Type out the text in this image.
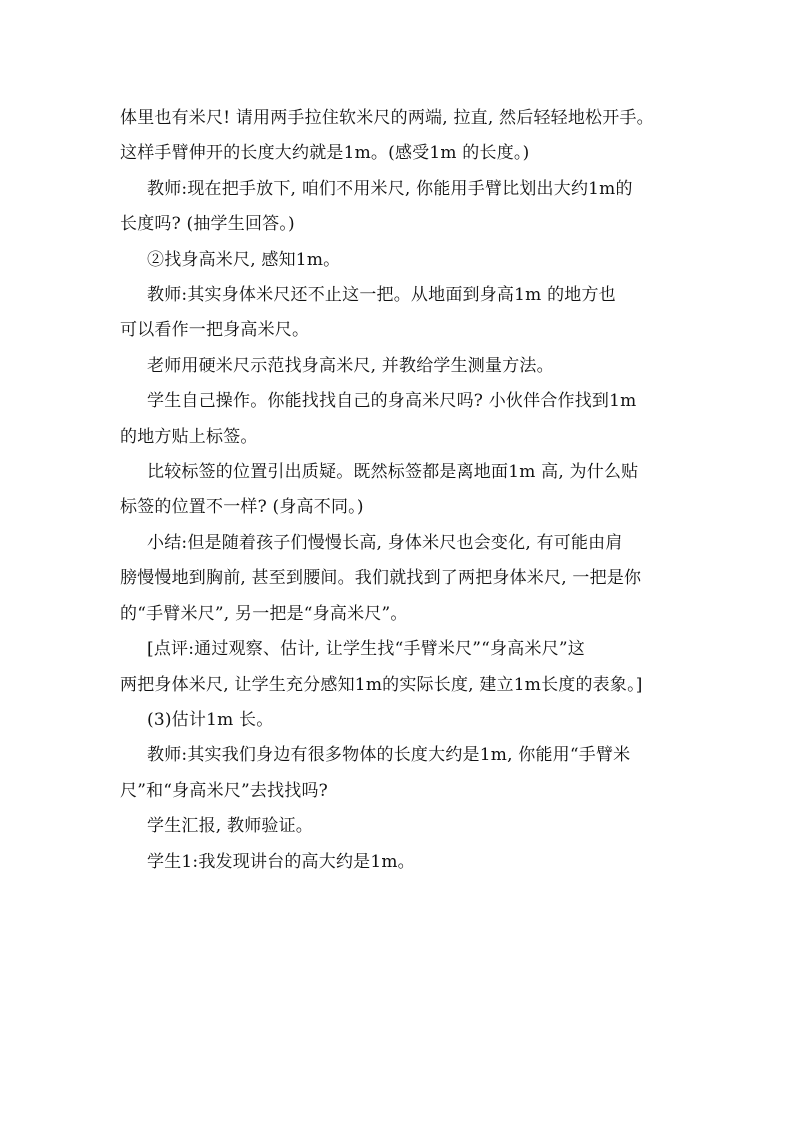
体里也有米尺! 请用两手拉住软米尺的两端, 拉直, 然后轻轻地松开手。
这样手臂伸开的长度大约就是1m。(感受1m 的长度。)
教师:现在把手放下, 咱们不用米尺, 你能用手臂比划出大约1m的
长度吗? (抽学生回答。)
②找身高米尺, 感知1m。
教师:其实身体米尺还不止这一把。从地面到身高1m 的地方也
可以看作一把身高米尺。
老师用硬米尺示范找身高米尺, 并教给学生测量方法。
学生自己操作。你能找找自己的身高米尺吗? 小伙伴合作找到1m
的地方贴上标签。
比较标签的位置引出质疑。既然标签都是离地面1m 高, 为什么贴
标签的位置不一样? (身高不同。)
小结:但是随着孩子们慢慢长高, 身体米尺也会变化, 有可能由肩
膀慢慢地到胸前, 甚至到腰间。我们就找到了两把身体米尺, 一把是你
的“手臂米尺”, 另一把是“身高米尺”。
[点评:通过观察、估计, 让学生找“手臂米尺”“身高米尺”这
两把身体米尺, 让学生充分感知1m的实际长度, 建立1m长度的表象。]
(3)估计1m 长。
教师:其实我们身边有很多物体的长度大约是1m, 你能用“手臂米
尺”和“身高米尺”去找找吗?
学生汇报, 教师验证。
学生1:我发现讲台的高大约是1m。
